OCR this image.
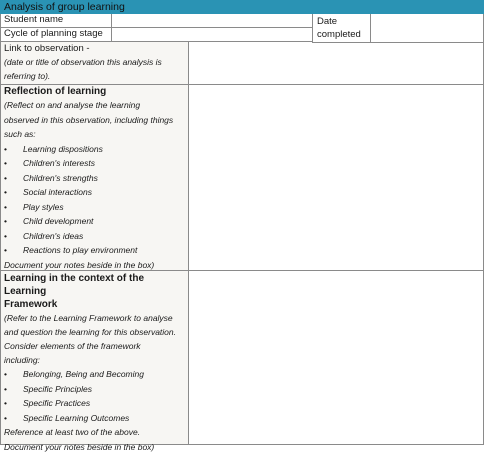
Analysis of group learning
Student name	Date
completed
Cycle of planning stage
Link to observation -
(date or title of observation this analysis is referring to).
Reflection of learning
(Reflect on and analyse the learning observed in this observation, including things such as:
•	Learning dispositions
•	Children's interests
•	Children's strengths
•	Social interactions
•	Play styles
•	Child development
•	Children's ideas
•	Reactions to play environment
Document your notes beside in the box)
Learning in the context of the Learning
Framework
(Refer to the Learning Framework to analyse and question the learning for this observation. Consider elements of the framework including:
•	Belonging, Being and Becoming
•	Specific Principles
•	Specific Practices
•	Specific Learning Outcomes
Reference at least two of the above.
Document your notes beside in the box)
